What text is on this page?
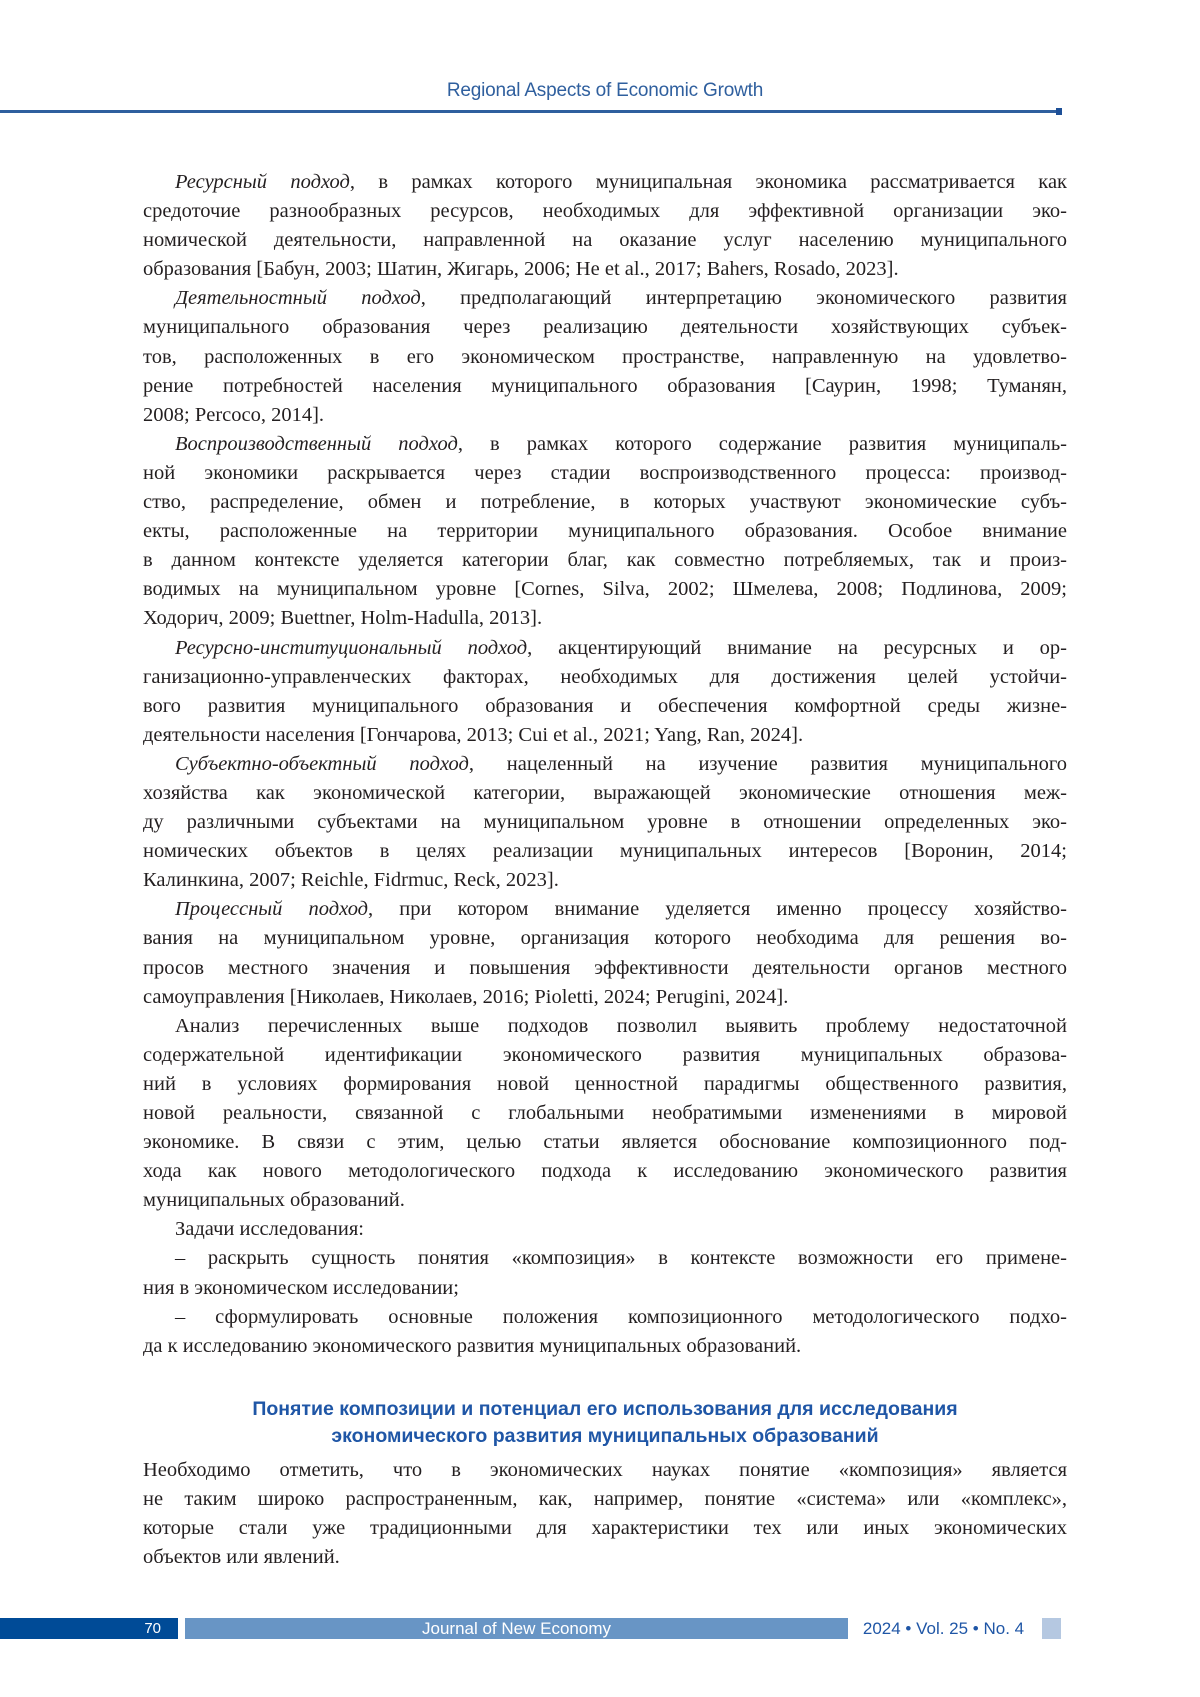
Regional Aspects of Economic Growth
Ресурсный подход, в рамках которого муниципальная экономика рассматривается как
средоточие разнообразных ресурсов, необходимых для эффективной организации эко-
номической деятельности, направленной на оказание услуг населению муниципального
образования [Бабун, 2003; Шатин, Жигарь, 2006; He et al., 2017; Bahers, Rosado, 2023].
Деятельностный подход, предполагающий интерпретацию экономического развития
муниципального образования через реализацию деятельности хозяйствующих субъек-
тов, расположенных в его экономическом пространстве, направленную на удовлетво-
рение потребностей населения муниципального образования [Саурин, 1998; Туманян,
2008; Percoco, 2014].
Воспроизводственный подход, в рамках которого содержание развития муниципаль-
ной экономики раскрывается через стадии воспроизводственного процесса: производ-
ство, распределение, обмен и потребление, в которых участвуют экономические субъ-
екты, расположенные на территории муниципального образования. Особое внимание
в данном контексте уделяется категории благ, как совместно потребляемых, так и произ-
водимых на муниципальном уровне [Cornes, Silva, 2002; Шмелева, 2008; Подлинова, 2009;
Ходорич, 2009; Buettner, Holm-Hadulla, 2013].
Ресурсно-институциональный подход, акцентирующий внимание на ресурсных и ор-
ганизационно-управленческих факторах, необходимых для достижения целей устойчи-
вого развития муниципального образования и обеспечения комфортной среды жизне-
деятельности населения [Гончарова, 2013; Cui et al., 2021; Yang, Ran, 2024].
Субъектно-объектный подход, нацеленный на изучение развития муниципального
хозяйства как экономической категории, выражающей экономические отношения меж-
ду различными субъектами на муниципальном уровне в отношении определенных эко-
номических объектов в целях реализации муниципальных интересов [Воронин, 2014;
Калинкина, 2007; Reichle, Fidrmuc, Reck, 2023].
Процессный подход, при котором внимание уделяется именно процессу хозяйство-
вания на муниципальном уровне, организация которого необходима для решения во-
просов местного значения и повышения эффективности деятельности органов местного
самоуправления [Николаев, Николаев, 2016; Pioletti, 2024; Perugini, 2024].
Анализ перечисленных выше подходов позволил выявить проблему недостаточной
содержательной идентификации экономического развития муниципальных образова-
ний в условиях формирования новой ценностной парадигмы общественного развития,
новой реальности, связанной с глобальными необратимыми изменениями в мировой
экономике. В связи с этим, целью статьи является обоснование композиционного под-
хода как нового методологического подхода к исследованию экономического развития
муниципальных образований.
Задачи исследования:
– раскрыть сущность понятия «композиция» в контексте возможности его примене-
ния в экономическом исследовании;
– сформулировать основные положения композиционного методологического подхо-
да к исследованию экономического развития муниципальных образований.
Понятие композиции и потенциал его использования для исследования
экономического развития муниципальных образований
Необходимо отметить, что в экономических науках понятие «композиция» является
не таким широко распространенным, как, например, понятие «система» или «комплекс»,
которые стали уже традиционными для характеристики тех или иных экономических
объектов или явлений.
70	Journal of New Economy	2024 • Vol. 25 • No. 4
